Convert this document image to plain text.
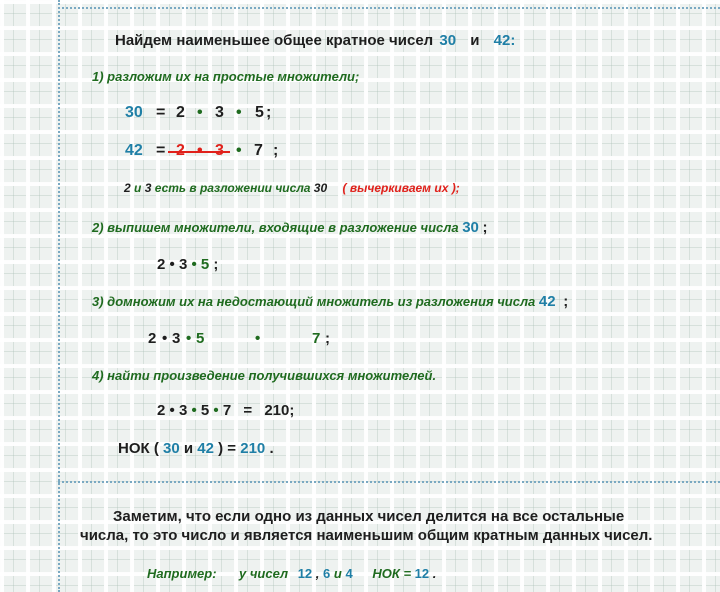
Найдем наименьшее общее кратное чисел 30 и 42:
1) разложим их на простые множители;
30 = 2 • 3 • 5 ;
42 = 2 • 3 • 7 ;
2 и 3 есть в разложении числа 30 ( вычеркиваем их );
2) выпишем множители, входящие в разложение числа 30 ;
2 • 3 • 5 ;
3) домножим их на недостающий множитель из разложения числа 42 ;
2 • 3 • 5	•	7 ;
4) найти произведение получившихся множителей.
2 • 3 • 5 • 7 = 210;
НОК ( 30 и 42 ) = 210 .
Заметим, что если одно из данных чисел делится на все остальные
числа, то это число и является наименьшим общим кратным данных чисел.
Например: у чисел 12 , 6 и 4 НОК = 12 .
